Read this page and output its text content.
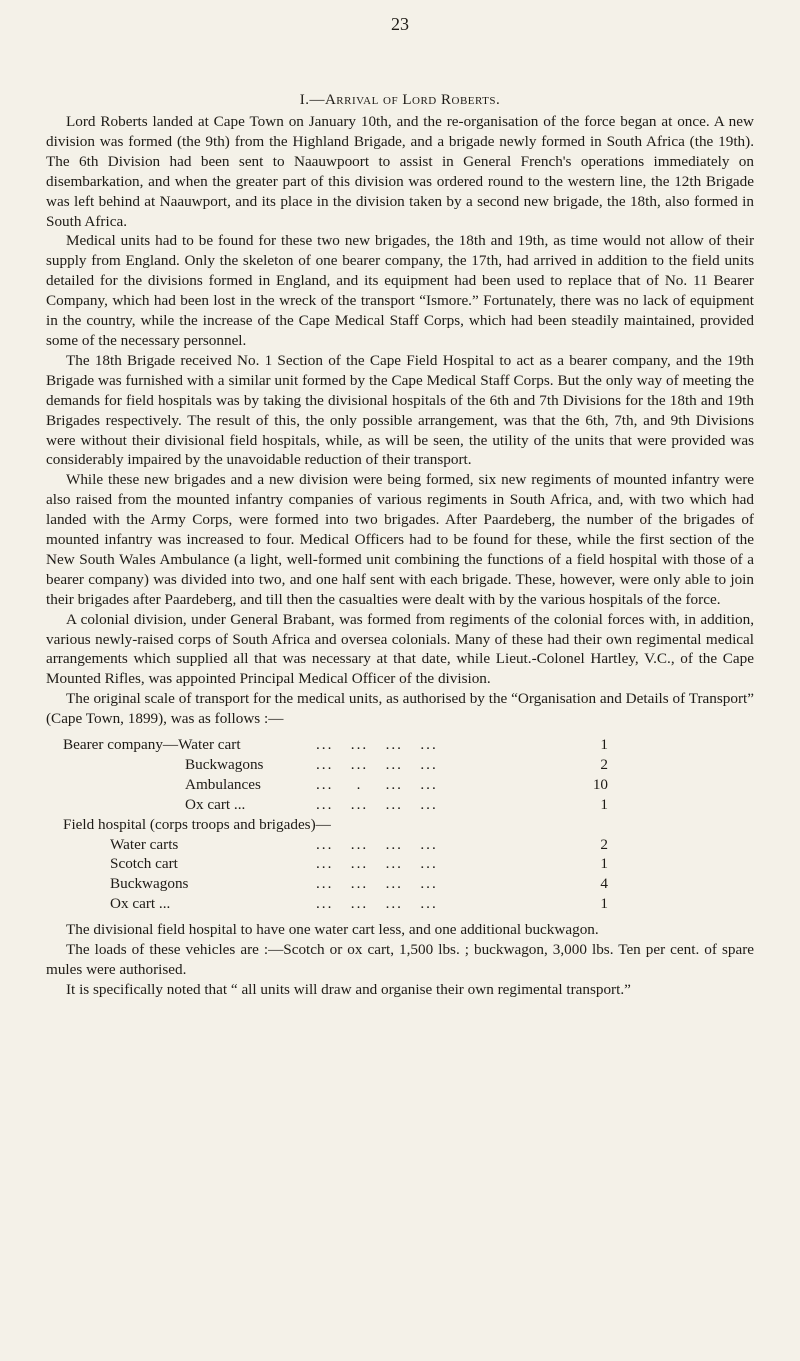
23
I.—Arrival of Lord Roberts.

Lord Roberts landed at Cape Town on January 10th, and the re-organisation of the force began at once. A new division was formed (the 9th) from the Highland Brigade, and a brigade newly formed in South Africa (the 19th). The 6th Division had been sent to Naauwpoort to assist in General French's operations immediately on disembarkation, and when the greater part of this division was ordered round to the western line, the 12th Brigade was left behind at Naauwport, and its place in the division taken by a second new brigade, the 18th, also formed in South Africa.

Medical units had to be found for these two new brigades, the 18th and 19th, as time would not allow of their supply from England. Only the skeleton of one bearer company, the 17th, had arrived in addition to the field units detailed for the divisions formed in England, and its equipment had been used to replace that of No. 11 Bearer Company, which had been lost in the wreck of the transport “Ismore.” Fortunately, there was no lack of equipment in the country, while the increase of the Cape Medical Staff Corps, which had been steadily maintained, provided some of the necessary personnel.

The 18th Brigade received No. 1 Section of the Cape Field Hospital to act as a bearer company, and the 19th Brigade was furnished with a similar unit formed by the Cape Medical Staff Corps. But the only way of meeting the demands for field hospitals was by taking the divisional hospitals of the 6th and 7th Divisions for the 18th and 19th Brigades respectively. The result of this, the only possible arrangement, was that the 6th, 7th, and 9th Divisions were without their divisional field hospitals, while, as will be seen, the utility of the units that were provided was considerably impaired by the unavoidable reduction of their transport.

While these new brigades and a new division were being formed, six new regiments of mounted infantry were also raised from the mounted infantry companies of various regiments in South Africa, and, with two which had landed with the Army Corps, were formed into two brigades. After Paardeberg, the number of the brigades of mounted infantry was increased to four. Medical Officers had to be found for these, while the first section of the New South Wales Ambulance (a light, well-formed unit combining the functions of a field hospital with those of a bearer company) was divided into two, and one half sent with each brigade. These, however, were only able to join their brigades after Paardeberg, and till then the casualties were dealt with by the various hospitals of the force.

A colonial division, under General Brabant, was formed from regiments of the colonial forces with, in addition, various newly-raised corps of South Africa and oversea colonials. Many of these had their own regimental medical arrangements which supplied all that was necessary at that date, while Lieut.-Colonel Hartley, V.C., of the Cape Mounted Rifles, was appointed Principal Medical Officer of the division.

The original scale of transport for the medical units, as authorised by the “Organisation and Details of Transport” (Cape Town, 1899), was as follows :—

Bearer company—Water cart	...   ...   ...   ...	1
Buckwagons	...   ...   ...   ...	2
Ambulances	...    .    ...   ...	10
Ox cart ...	...   ...   ...   ...	1
Field hospital (corps troops and brigades)—
Water carts	...   ...   ...   ...	2
Scotch cart	...   ...   ...   ...	1
Buckwagons	...   ...   ...   ...	4
Ox cart ...	...   ...   ...   ...	1

The divisional field hospital to have one water cart less, and one additional buckwagon.

The loads of these vehicles are :—Scotch or ox cart, 1,500 lbs. ; buckwagon, 3,000 lbs. Ten per cent. of spare mules were authorised.

It is specifically noted that “ all units will draw and organise their own regimental transport.”
